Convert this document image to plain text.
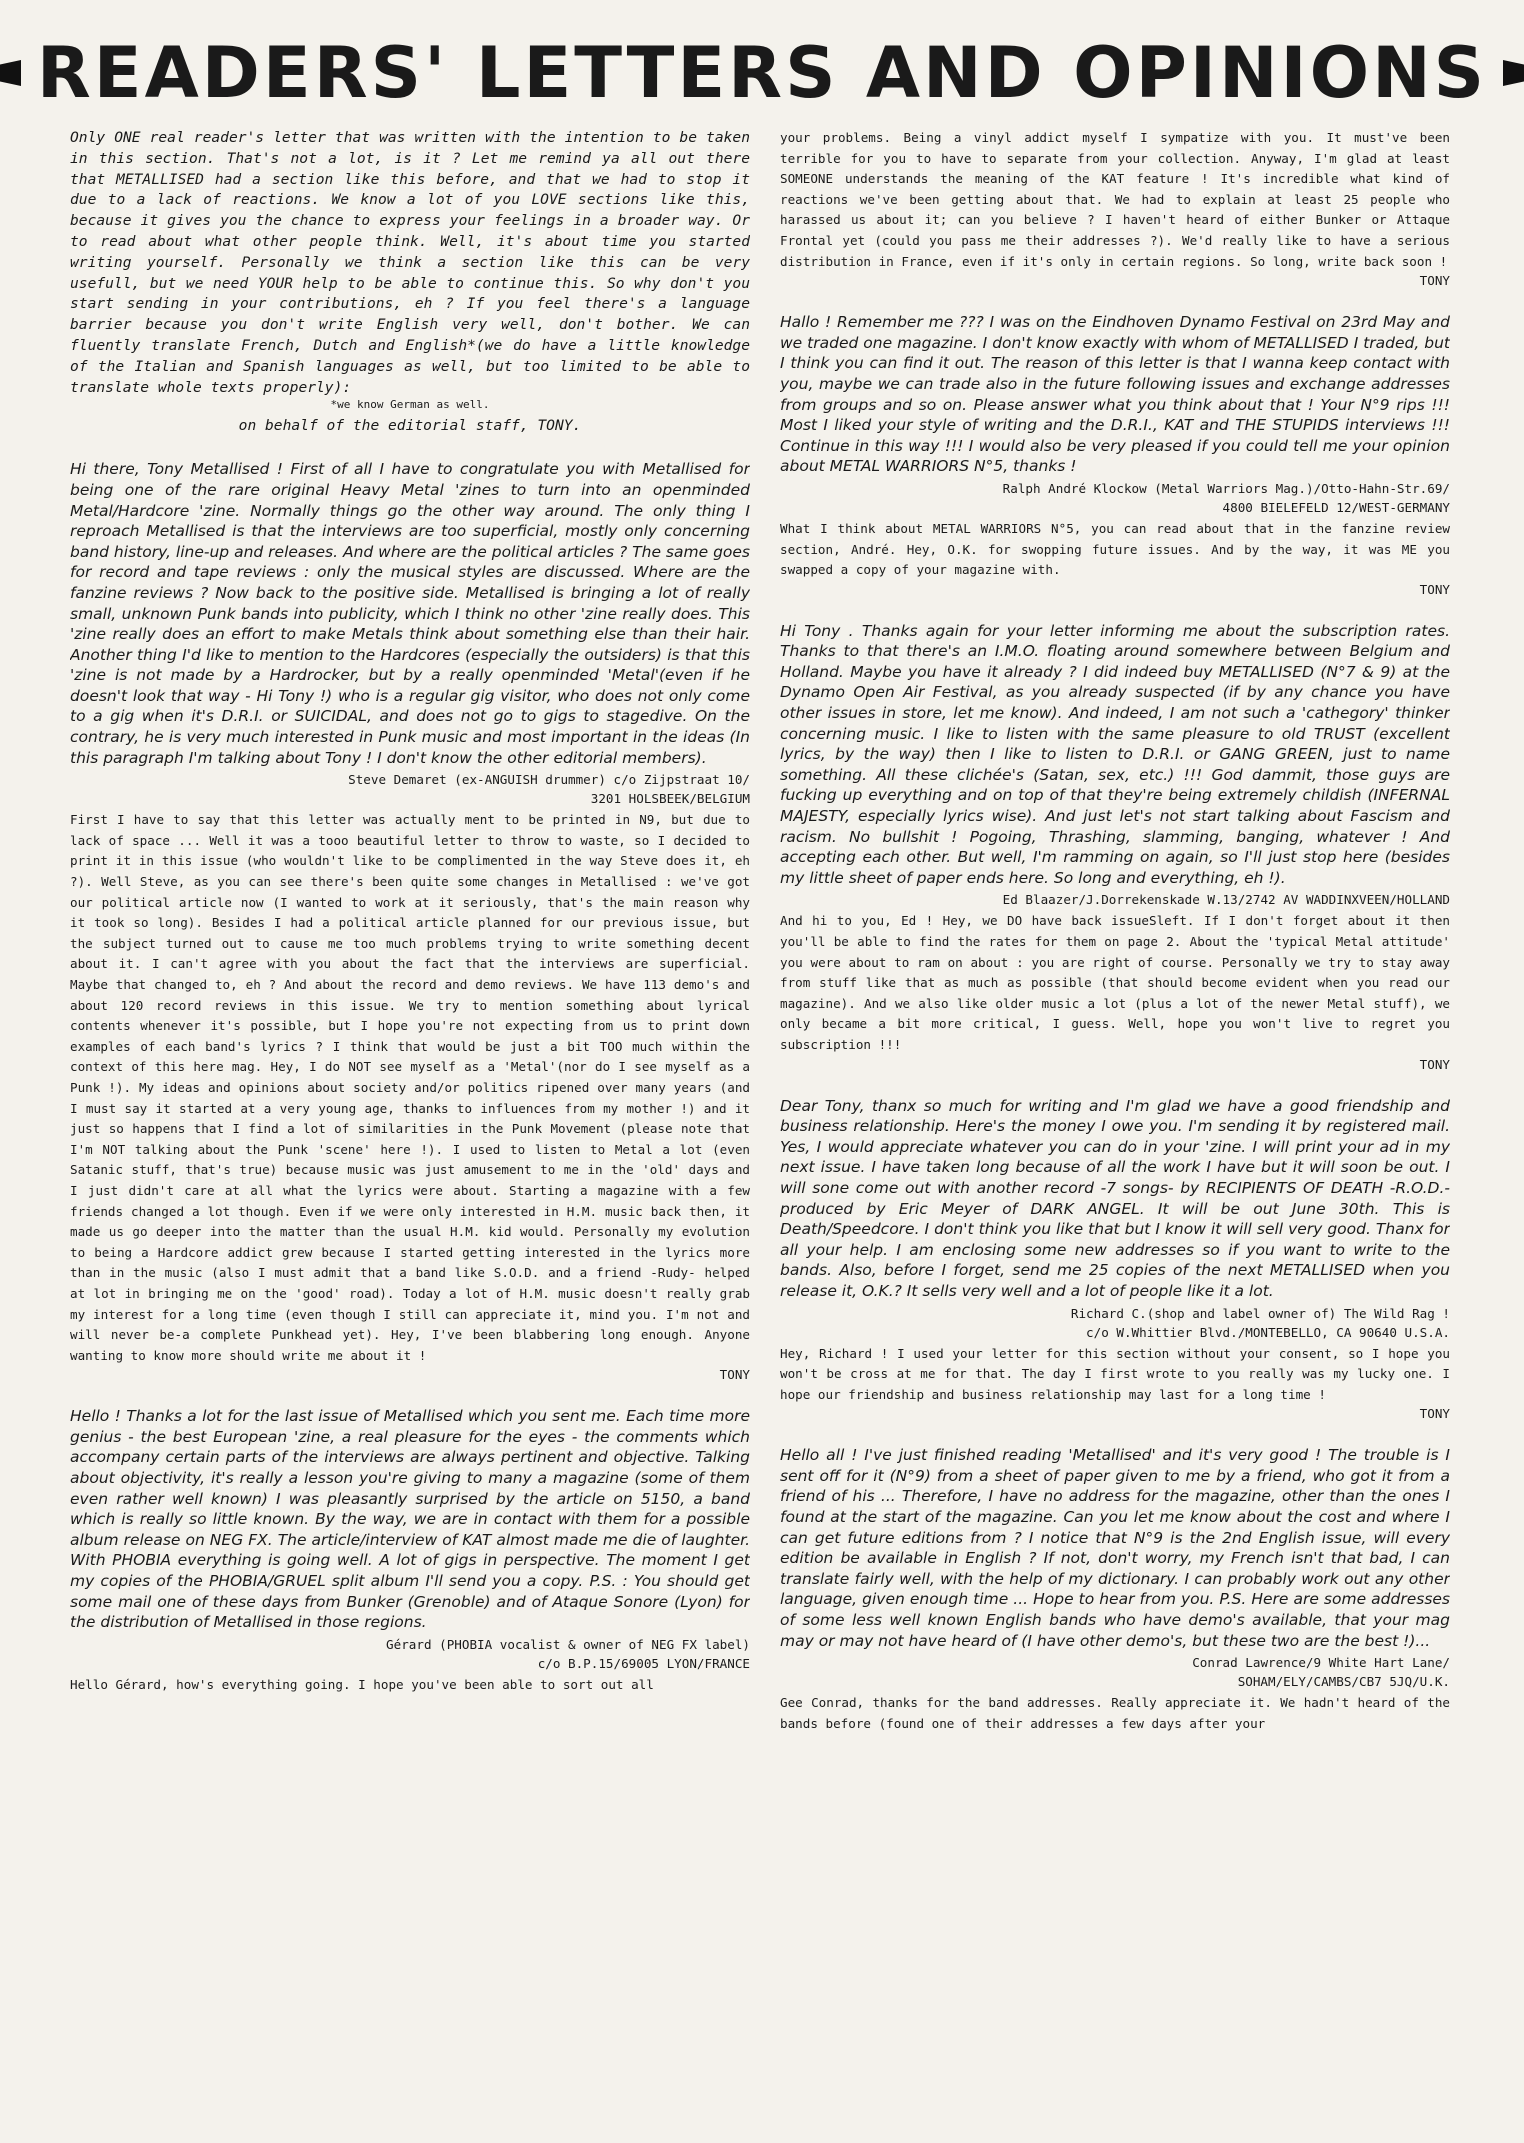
READERS' LETTERS AND OPINIONS

Only ONE real reader's letter that was written with the intention to be taken in this section. That's not a lot, is it ? Let me remind ya all out there that METALLISED had a section like this before, and that we had to stop it due to a lack of reactions. We know a lot of you LOVE sections like this, because it gives you the chance to express your feelings in a broader way. Or to read about what other people think. Well, it's about time you started writing yourself. Personally we think a section like this can be very usefull, but we need YOUR help to be able to continue this. So why don't you start sending in your contributions, eh ? If you feel there's a language barrier because you don't write English very well, don't bother. We can fluently translate French, Dutch and English*(we do have a little knowledge of the Italian and Spanish languages as well, but too limited to be able to translate whole texts properly):

*we know German as well.

on behalf of the editorial staff, TONY.

Hi there, Tony Metallised ! First of all I have to congratulate you with Metallised for being one of the rare original Heavy Metal 'zines to turn into an openminded Metal/Hardcore 'zine. Normally things go the other way around. The only thing I reproach Metallised is that the interviews are too superficial, mostly only concerning band history, line-up and releases. And where are the political articles ? The same goes for record and tape reviews : only the musical styles are discussed. Where are the fanzine reviews ? Now back to the positive side. Metallised is bringing a lot of really small, unknown Punk bands into publicity, which I think no other 'zine really does. This 'zine really does an effort to make Metals think about something else than their hair. Another thing I'd like to mention to the Hardcores (especially the outsiders) is that this 'zine is not made by a Hardrocker, but by a really openminded 'Metal'(even if he doesn't look that way - Hi Tony !) who is a regular gig visitor, who does not only come to a gig when it's D.R.I. or SUICIDAL, and does not go to gigs to stagedive. On the contrary, he is very much interested in Punk music and most important in the ideas (In this paragraph I'm talking about Tony ! I don't know the other editorial members).

Steve Demaret (ex-ANGUISH drummer) c/o Zijpstraat 10/
3201 HOLSBEEK/BELGIUM

First I have to say that this letter was actually ment to be printed in N9, but due to lack of space ... Well it was a tooo beautiful letter to throw to waste, so I decided to print it in this issue (who wouldn't like to be complimented in the way Steve does it, eh ?). Well Steve, as you can see there's been quite some changes in Metallised : we've got our political article now (I wanted to work at it seriously, that's the main reason why it took so long). Besides I had a political article planned for our previous issue, but the subject turned out to cause me too much problems trying to write something decent about it. I can't agree with you about the fact that the interviews are superficial. Maybe that changed to, eh ? And about the record and demo reviews. We have 113 demo's and about 120 record reviews in this issue. We try to mention something about lyrical contents whenever it's possible, but I hope you're not expecting from us to print down examples of each band's lyrics ? I think that would be just a bit TOO much within the context of this here mag. Hey, I do NOT see myself as a 'Metal'(nor do I see myself as a Punk !). My ideas and opinions about society and/or politics ripened over many years (and I must say it started at a very young age, thanks to influences from my mother !) and it just so happens that I find a lot of similarities in the Punk Movement (please note that I'm NOT talking about the Punk 'scene' here !). I used to listen to Metal a lot (even Satanic stuff, that's true) because music was just amusement to me in the 'old' days and I just didn't care at all what the lyrics were about. Starting a magazine with a few friends changed a lot though. Even if we were only interested in H.M. music back then, it made us go deeper into the matter than the usual H.M. kid would. Personally my evolution to being a Hardcore addict grew because I started getting interested in the lyrics more than in the music (also I must admit that a band like S.O.D. and a friend -Rudy- helped at lot in bringing me on the 'good' road). Today a lot of H.M. music doesn't really grab my interest for a long time (even though I still can appreciate it, mind you. I'm not and will never be-a complete Punkhead yet). Hey, I've been blabbering long enough. Anyone wanting to know more should write me about it !

TONY

Hello ! Thanks a lot for the last issue of Metallised which you sent me. Each time more genius - the best European 'zine, a real pleasure for the eyes - the comments which accompany certain parts of the interviews are always pertinent and objective. Talking about objectivity, it's really a lesson you're giving to many a magazine (some of them even rather well known) I was pleasantly surprised by the article on 5150, a band which is really so little known. By the way, we are in contact with them for a possible album release on NEG FX. The article/interview of KAT almost made me die of laughter. With PHOBIA everything is going well. A lot of gigs in perspective. The moment I get my copies of the PHOBIA/GRUEL split album I'll send you a copy. P.S. : You should get some mail one of these days from Bunker (Grenoble) and of Ataque Sonore (Lyon) for the distribution of Metallised in those regions.

Gérard (PHOBIA vocalist & owner of NEG FX label)
c/o B.P.15/69005 LYON/FRANCE

Hello Gérard, how's everything going. I hope you've been able to sort out all

your problems. Being a vinyl addict myself I sympatize with you. It must've been terrible for you to have to separate from your collection. Anyway, I'm glad at least SOMEONE understands the meaning of the KAT feature ! It's incredible what kind of reactions we've been getting about that. We had to explain at least 25 people who harassed us about it; can you believe ? I haven't heard of either Bunker or Attaque Frontal yet (could you pass me their addresses ?). We'd really like to have a serious distribution in France, even if it's only in certain regions. So long, write back soon !

TONY

Hallo ! Remember me ??? I was on the Eindhoven Dynamo Festival on 23rd May and we traded one magazine. I don't know exactly with whom of METALLISED I traded, but I think you can find it out. The reason of this letter is that I wanna keep contact with you, maybe we can trade also in the future following issues and exchange addresses from groups and so on. Please answer what you think about that ! Your N°9 rips !!! Most I liked your style of writing and the D.R.I., KAT and THE STUPIDS interviews !!! Continue in this way !!! I would also be very pleased if you could tell me your opinion about METAL WARRIORS N°5, thanks !

Ralph André Klockow (Metal Warriors Mag.)/Otto-Hahn-Str.69/
4800 BIELEFELD 12/WEST-GERMANY

What I think about METAL WARRIORS N°5, you can read about that in the fanzine review section, André. Hey, O.K. for swopping future issues. And by the way, it was ME you swapped a copy of your magazine with.

TONY

Hi Tony . Thanks again for your letter informing me about the subscription rates. Thanks to that there's an I.M.O. floating around somewhere between Belgium and Holland. Maybe you have it already ? I did indeed buy METALLISED (N°7 & 9) at the Dynamo Open Air Festival, as you already suspected (if by any chance you have other issues in store, let me know). And indeed, I am not such a 'cathegory' thinker concerning music. I like to listen with the same pleasure to old TRUST (excellent lyrics, by the way) then I like to listen to D.R.I. or GANG GREEN, just to name something. All these clichée's (Satan, sex, etc.) !!! God dammit, those guys are fucking up everything and on top of that they're being extremely childish (INFERNAL MAJESTY, especially lyrics wise). And just let's not start talking about Fascism and racism. No bullshit ! Pogoing, Thrashing, slamming, banging, whatever ! And accepting each other. But well, I'm ramming on again, so I'll just stop here (besides my little sheet of paper ends here. So long and everything, eh !).

Ed Blaazer/J.Dorrekenskade W.13/2742 AV WADDINXVEEN/HOLLAND

And hi to you, Ed ! Hey, we DO have back issueSleft. If I don't forget about it then you'll be able to find the rates for them on page 2. About the 'typical Metal attitude' you were about to ram on about : you are right of course. Personally we try to stay away from stuff like that as much as possible (that should become evident when you read our magazine). And we also like older music a lot (plus a lot of the newer Metal stuff), we only became a bit more critical, I guess. Well, hope you won't live to regret you subscription !!!

TONY

Dear Tony, thanx so much for writing and I'm glad we have a good friendship and business relationship. Here's the money I owe you. I'm sending it by registered mail. Yes, I would appreciate whatever you can do in your 'zine. I will print your ad in my next issue. I have taken long because of all the work I have but it will soon be out. I will sone come out with another record -7 songs- by RECIPIENTS OF DEATH -R.O.D.- produced by Eric Meyer of DARK ANGEL. It will be out June 30th. This is Death/Speedcore. I don't think you like that but I know it will sell very good. Thanx for all your help. I am enclosing some new addresses so if you want to write to the bands. Also, before I forget, send me 25 copies of the next METALLISED when you release it, O.K.? It sells very well and a lot of people like it a lot.

Richard C.(shop and label owner of) The Wild Rag !
c/o W.Whittier Blvd./MONTEBELLO, CA 90640 U.S.A.

Hey, Richard ! I used your letter for this section without your consent, so I hope you won't be cross at me for that. The day I first wrote to you really was my lucky one. I hope our friendship and business relationship may last for a long time !

TONY

Hello all ! I've just finished reading 'Metallised' and it's very good ! The trouble is I sent off for it (N°9) from a sheet of paper given to me by a friend, who got it from a friend of his ... Therefore, I have no address for the magazine, other than the ones I found at the start of the magazine. Can you let me know about the cost and where I can get future editions from ? I notice that N°9 is the 2nd English issue, will every edition be available in English ? If not, don't worry, my French isn't that bad, I can translate fairly well, with the help of my dictionary. I can probably work out any other language, given enough time ... Hope to hear from you. P.S. Here are some addresses of some less well known English bands who have demo's available, that your mag may or may not have heard of (I have other demo's, but these two are the best !)...

Conrad Lawrence/9 White Hart Lane/
SOHAM/ELY/CAMBS/CB7 5JQ/U.K.

Gee Conrad, thanks for the band addresses. Really appreciate it. We hadn't heard of the bands before (found one of their addresses a few days after your
